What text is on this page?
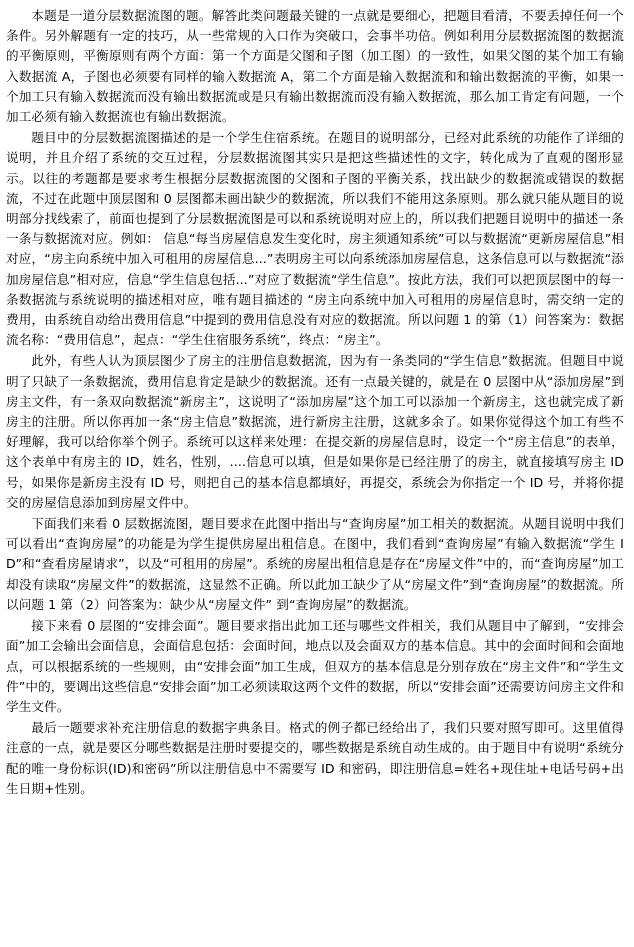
本题是一道分层数据流图的题。解答此类问题最关键的一点就是要细心，把题目看清，不要丢掉任何一个条件。另外解题有一定的技巧，从一些常规的入口作为突破口，会事半功倍。例如利用分层数据流图的数据流的平衡原则，平衡原则有两个方面：第一个方面是父图和子图（加工图）的一致性，如果父图的某个加工有输入数据流 A，子图也必须要有同样的输入数据流 A，第二个方面是输入数据流和和输出数据流的平衡，如果一个加工只有输入数据流而没有输出数据流或是只有输出数据流而没有输入数据流，那么加工肯定有问题，一个加工必须有输入数据流也有输出数据流。

题目中的分层数据流图描述的是一个学生住宿系统。在题目的说明部分，已经对此系统的功能作了详细的说明，并且介绍了系统的交互过程，分层数据流图其实只是把这些描述性的文字，转化成为了直观的图形显示。以往的考题都是要求考生根据分层数据流图的父图和子图的平衡关系，找出缺少的数据流或错误的数据流，不过在此题中顶层图和 0 层图都未画出缺少的数据流，所以我们不能用这条原则。那么就只能从题目的说明部分找线索了，前面也提到了分层数据流图是可以和系统说明对应上的，所以我们把题目说明中的描述一条一条与数据流对应。例如： 信息“每当房屋信息发生变化时，房主须通知系统”可以与数据流“更新房屋信息”相对应，“房主向系统中加入可租用的房屋信息...”表明房主可以向系统添加房屋信息，这条信息可以与数据流“添加房屋信息”相对应，信息“学生信息包括...”对应了数据流“学生信息”。按此方法，我们可以把顶层图中的每一条数据流与系统说明的描述相对应，唯有题目描述的 “房主向系统中加入可租用的房屋信息时，需交纳一定的费用，由系统自动给出费用信息”中提到的费用信息没有对应的数据流。所以问题 1 的第（1）问答案为：数据流名称：“费用信息”，起点：“学生住宿服务系统”，终点：“房主”。

此外，有些人认为顶层图少了房主的注册信息数据流，因为有一条类同的“学生信息”数据流。但题目中说明了只缺了一条数据流，费用信息肯定是缺少的数据流。还有一点最关键的，就是在 0 层图中从“添加房屋”到房主文件，有一条双向数据流“新房主”，这说明了“添加房屋”这个加工可以添加一个新房主，这也就完成了新房主的注册。所以你再加一条“房主信息”数据流，进行新房主注册，这就多余了。如果你觉得这个加工有些不好理解，我可以给你举个例子。系统可以这样来处理：在提交新的房屋信息时，设定一个“房主信息”的表单，这个表单中有房主的 ID，姓名，性别，....信息可以填，但是如果你是已经注册了的房主，就直接填写房主 ID 号，如果你是新房主没有 ID 号，则把自己的基本信息都填好，再提交，系统会为你指定一个 ID 号，并将你提交的房屋信息添加到房屋文件中。

下面我们来看 0 层数据流图，题目要求在此图中指出与“查询房屋”加工相关的数据流。从题目说明中我们可以看出“查询房屋”的功能是为学生提供房屋出租信息。在图中，我们看到“查询房屋”有输入数据流“学生 ID”和“查看房屋请求”，以及“可租用的房屋”。系统的房屋出租信息是存在“房屋文件”中的，而“查询房屋”加工却没有读取“房屋文件”的数据流，这显然不正确。所以此加工缺少了从“房屋文件”到“查询房屋”的数据流。所以问题 1 第（2）问答案为：缺少从“房屋文件” 到“查询房屋”的数据流。

接下来看 0 层图的“安排会面”。题目要求指出此加工还与哪些文件相关，我们从题目中了解到，“安排会面”加工会输出会面信息，会面信息包括：会面时间，地点以及会面双方的基本信息。其中的会面时间和会面地点，可以根据系统的一些规则，由“安排会面”加工生成，但双方的基本信息是分别存放在“房主文件”和“学生文件”中的，要调出这些信息“安排会面”加工必须读取这两个文件的数据，所以“安排会面”还需要访问房主文件和学生文件。

最后一题要求补充注册信息的数据字典条目。格式的例子都已经给出了，我们只要对照写即可。这里值得注意的一点，就是要区分哪些数据是注册时要提交的，哪些数据是系统自动生成的。由于题目中有说明“系统分配的唯一身份标识(ID)和密码”所以注册信息中不需要写 ID 和密码，即注册信息=姓名+现住址+电话号码+出生日期+性别。
